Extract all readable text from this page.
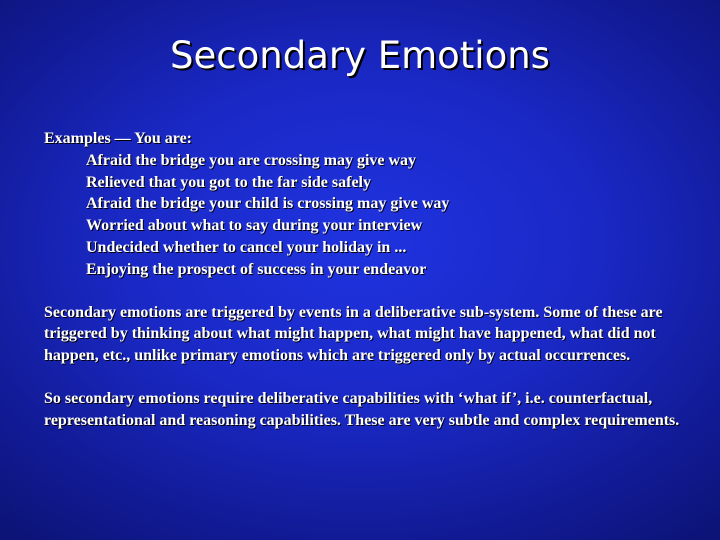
Secondary Emotions

Examples — You are:

Afraid the bridge you are crossing may give way
Relieved that you got to the far side safely
Afraid the bridge your child is crossing may give way
Worried about what to say during your interview
Undecided whether to cancel your holiday in ...
Enjoying the prospect of success in your endeavor

Secondary emotions are triggered by events in a deliberative sub-system. Some of these are triggered by thinking about what might happen, what might have happened, what did not happen, etc., unlike primary emotions which are triggered only by actual occurrences.

So secondary emotions require deliberative capabilities with ‘what if’, i.e. counterfactual, representational and reasoning capabilities. These are very subtle and complex requirements.
